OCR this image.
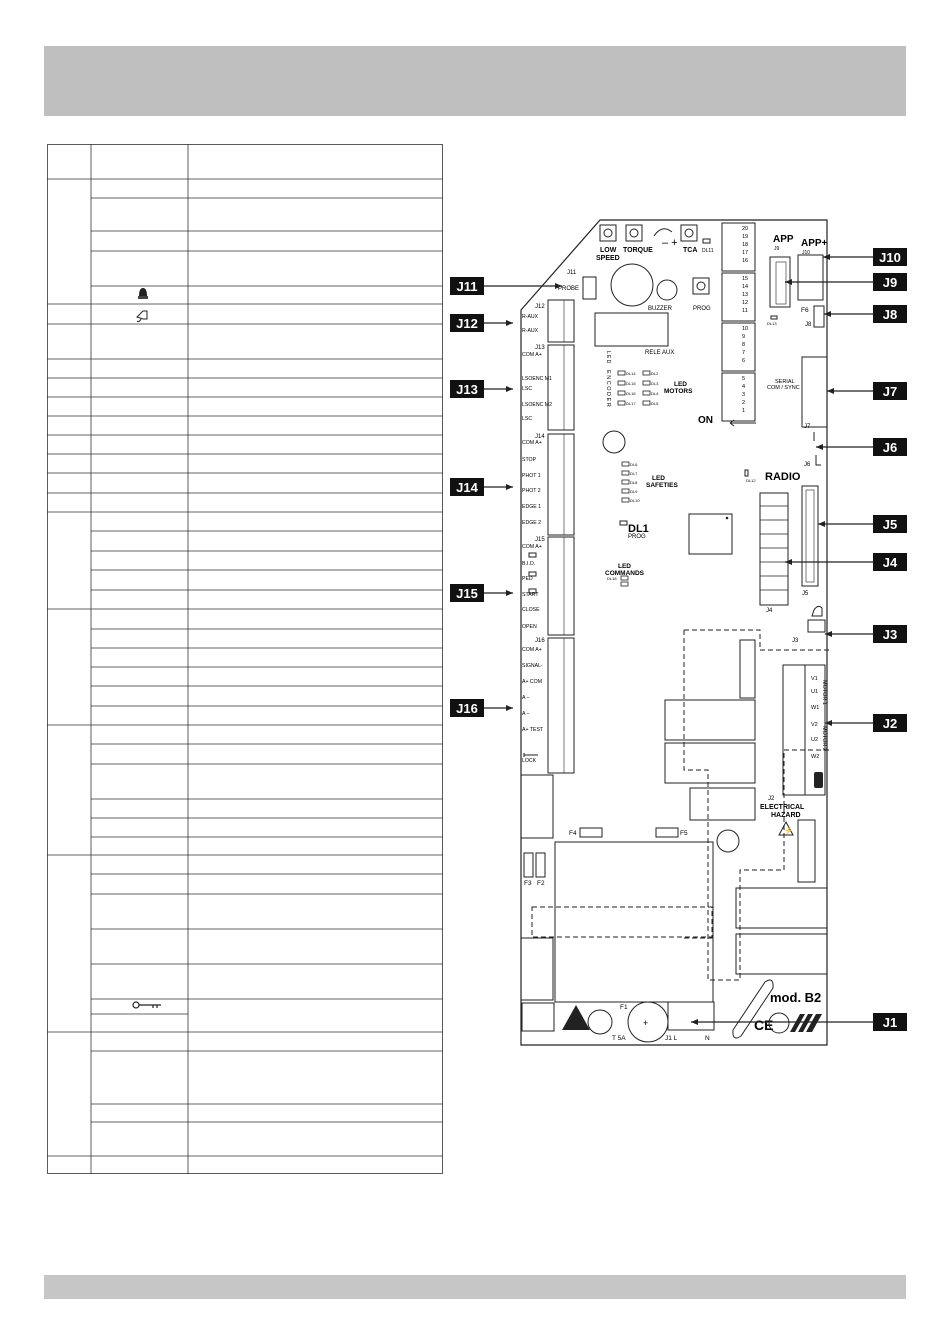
– +
DL11
LOW SPEED
TORQUE	TCA
BUZZER	PROG
J11
PROBE
20
19
18
17
16
15
14
13
12
11
10
9
8
7
6
5
4
3
2
1
ON
RELE AUX
L E D
E N C O D E R	DL14
DL15
DL16
DL17
DL2
DL3
DL4
DL5
LED MOTORS
DL6
DL7
DL8
DL9
DL10
LED SAFETIES
DL1
PROG
LED COMMANDS
DL18
APP APP+
J9
J10
F6
J8
DL13
SERIAL COM / SYNC
J7
J6
DL12 RADIO
J4
J5
J3
V1
U1
W1
V2
U2
W2
MOTOR 1
MOTOR 2
J2
ELECTRICAL HAZARD
⚡
F4	F5
F3 F2
+
F1
T 5A	J1 L	N
mod. B2
CE
J12
R-AUX
R-AUX
J13
COM A+
LSOENC M1
LSC
LSOENC M2
LSC
J14
COM A+
STOP
PHOT 1
PHOT 2
EDGE 1
EDGE 2
J15
COM A+
B.I.O.
PED
START
CLOSE
OPEN
J16
COM A+
SIGNAL-
A+ COM
A –
A –
A+ TEST
LOCK
J10
J9
J8
J7
J6
J5
J4
J3
J2
J1
J11
J12
J13
J14
J15
J16
